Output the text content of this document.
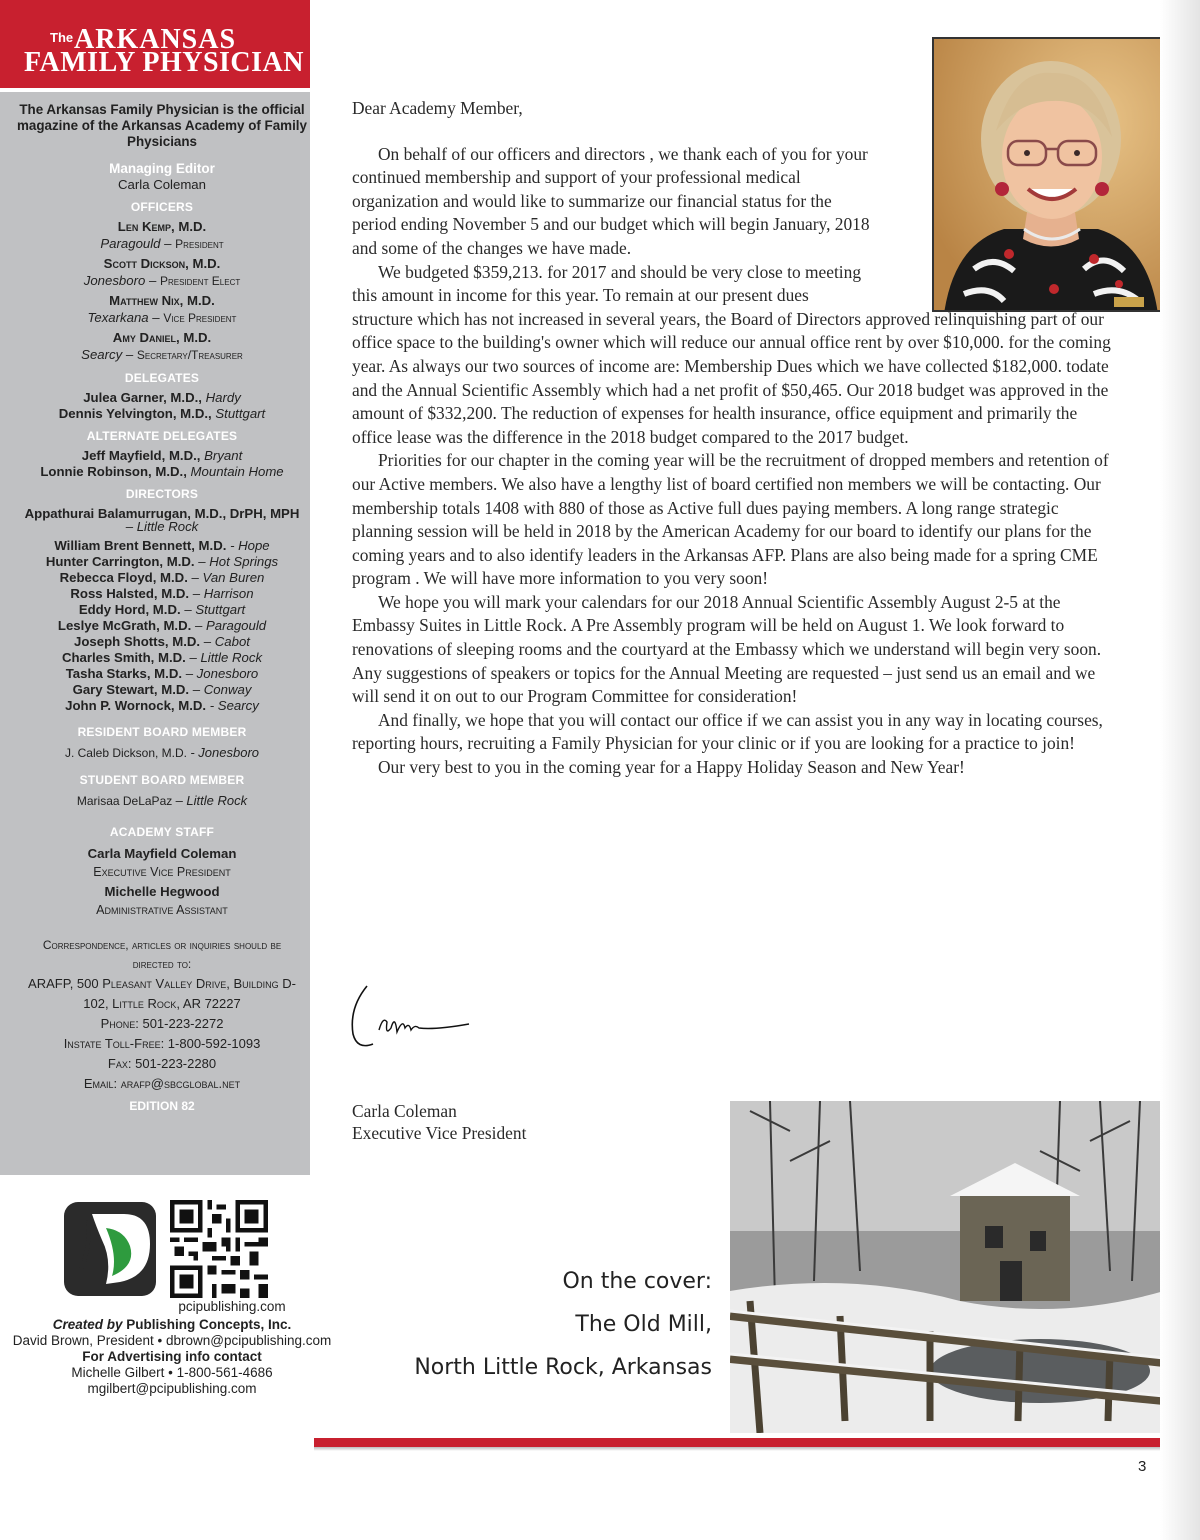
The ARKANSAS
FAMILY PHYSICIAN
The Arkansas Family Physician is the official magazine of the Arkansas Academy of Family Physicians
Managing Editor
Carla Coleman
OFFICERS
Len Kemp, M.D.
Paragould – President
Scott Dickson, M.D.
Jonesboro – President Elect
Matthew Nix, M.D.
Texarkana – Vice President
Amy Daniel, M.D.
Searcy – Secretary/Treasurer
DELEGATES
Julea Garner, M.D., Hardy
Dennis Yelvington, M.D., Stuttgart
ALTERNATE DELEGATES
Jeff Mayfield, M.D., Bryant
Lonnie Robinson, M.D., Mountain Home
DIRECTORS
Appathurai Balamurrugan, M.D., DrPH, MPH

– Little Rock
William Brent Bennett, M.D. - Hope
Hunter Carrington, M.D. – Hot Springs
Rebecca Floyd, M.D. – Van Buren
Ross Halsted, M.D. – Harrison
Eddy Hord, M.D. – Stuttgart
Leslye McGrath, M.D. – Paragould
Joseph Shotts, M.D. – Cabot
Charles Smith, M.D. – Little Rock
Tasha Starks, M.D. – Jonesboro
Gary Stewart, M.D. – Conway
John P. Wornock, M.D. - Searcy
RESIDENT BOARD MEMBER
J. Caleb Dickson, M.D. - Jonesboro
STUDENT BOARD MEMBER
Marisaa DeLaPaz – Little Rock
ACADEMY STAFF
Carla Mayfield Coleman
Executive Vice President
Michelle Hegwood
Administrative Assistant
Correspondence, articles or inquiries should be directed to:
ARAFP, 500 Pleasant Valley Drive, Building D-102, Little Rock, AR 72227
Phone: 501-223-2272
Instate Toll-Free: 1-800-592-1093
Fax: 501-223-2280
Email: arafp@sbcglobal.net
EDITION 82
pcipublishing.com
Created by Publishing Concepts, Inc.
David Brown, President • dbrown@pcipublishing.com
For Advertising info contact
Michelle Gilbert • 1-800-561-4686
mgilbert@pcipublishing.com

Dear Academy Member,

On behalf of our officers and directors , we thank each of you for your continued membership and support of your professional medical organization and would like to summarize our financial status for the period ending November 5 and our budget which will begin January, 2018 and some of the changes we have made.

We budgeted $359,213. for 2017 and should be very close to meeting this amount in income for this year. To remain at our present dues structure which has not increased in several years, the Board of Directors approved relinquishing part of our office space to the building's owner which will reduce our annual office rent by over $10,000. for the coming year. As always our two sources of income are: Membership Dues which we have collected $182,000. todate and the Annual Scientific Assembly which had a net profit of $50,465. Our 2018 budget was approved in the amount of $332,200. The reduction of expenses for health insurance, office equipment and primarily the office lease was the difference in the 2018 budget compared to the 2017 budget.

Priorities for our chapter in the coming year will be the recruitment of dropped members and retention of our Active members. We also have a lengthy list of board certified non members we will be contacting. Our membership totals 1408 with 880 of those as Active full dues paying members. A long range strategic planning session will be held in 2018 by the American Academy for our board to identify our plans for the coming years and to also identify leaders in the Arkansas AFP. Plans are also being made for a spring CME program . We will have more information to you very soon!

We hope you will mark your calendars for our 2018 Annual Scientific Assembly August 2-5 at the Embassy Suites in Little Rock. A Pre Assembly program will be held on August 1. We look forward to renovations of sleeping rooms and the courtyard at the Embassy which we understand will begin very soon. Any suggestions of speakers or topics for the Annual Meeting are requested – just send us an email and we will send it on out to our Program Committee for consideration!

And finally, we hope that you will contact our office if we can assist you in any way in locating courses, reporting hours, recruiting a Family Physician for your clinic or if you are looking for a practice to join!

Our very best to you in the coming year for a Happy Holiday Season and New Year!

Carla Coleman
Executive Vice President
On the cover:
The Old Mill,
North Little Rock, Arkansas
3
